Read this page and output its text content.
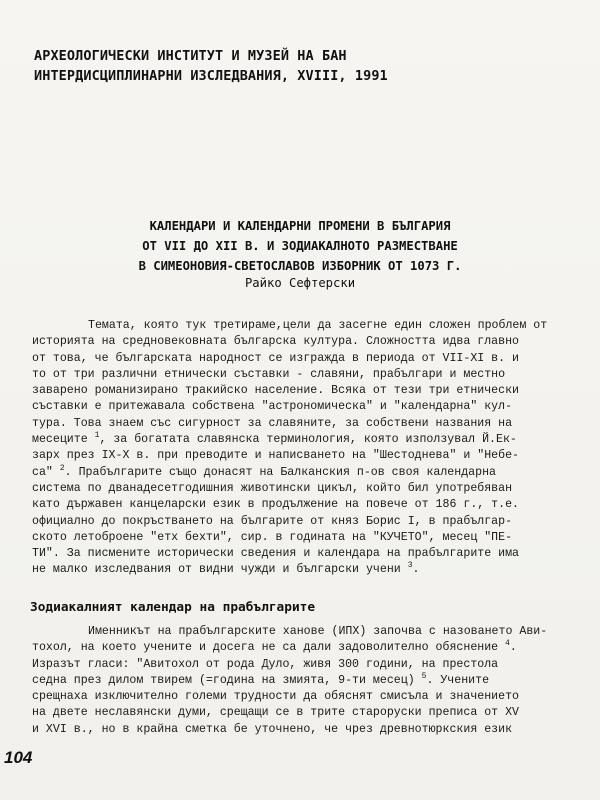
АРХЕОЛОГИЧЕСКИ ИНСТИТУТ И МУЗЕЙ НА БАН
ИНТЕРДИСЦИПЛИНАРНИ ИЗСЛЕДВАНИЯ, XVIII, 1991
КАЛЕНДАРИ И КАЛЕНДАРНИ ПРОМЕНИ В БЪЛГАРИЯ
ОТ VII ДО XII В. И ЗОДИАКАЛНОТО РАЗМЕСТВАНЕ
В СИМЕОНОВИЯ-СВЕТОСЛАВОВ ИЗБОРНИК ОТ 1073 Г.
Райко Сефтерски
Темата, която тук третираме,цели да засегне един сложен проблем от
историята на средновековната българска култура. Сложността идва главно
от това, че българската народност се изгражда в периода от VII-XI в. и
то от три различни етнически съставки - славяни, прабългари и местно
заварено романизирано тракийско население. Всяка от тези три етнически
съставки е притежавала собствена "астрономическа" и "календарна" кул-
тура. Това знаем със сигурност за славяните, за собствени названия на
месеците $^1$, за богатата славянска терминология, която използувал Й.Ек-
зарх през IX-X в. при преводите и написването на "Шестоднева" и "Небе-
са" $^2$. Прабългарите също донасят на Балканския п-ов своя календарна
система по дванадесетгодишния животински цикъл, който бил употребяван
като държавен канцеларски език в продължение на повече от 186 г., т.е.
официално до покръстването на българите от княз Борис I, в прабългар-
ското летоброене "етх бехти", сир. в годината на "КУЧЕТО", месец "ПЕ-
ТИ". За писмените исторически сведения и календара на прабългарите има
не малко изследвания от видни чужди и български учени $^3$.
Зодиакалният календар на прабългарите
Именникът на прабългарските ханове (ИПХ) започва с назоването Ави-
тохол, на което учените и досега не са дали задоволително обяснение $^4$.
Изразът гласи: "Авитохол от рода Дуло, живя 300 години, на престола
седна през дилом твирем (=година на змията, 9-ти месец) $^5$. Учените
срещнаха изключително големи трудности да обяснят смисъла и значението
на двете неславянски думи, срещащи се в трите староруски преписа от XV
и XVI в., но в крайна сметка бе уточнено, че чрез древнотюркския език
104
